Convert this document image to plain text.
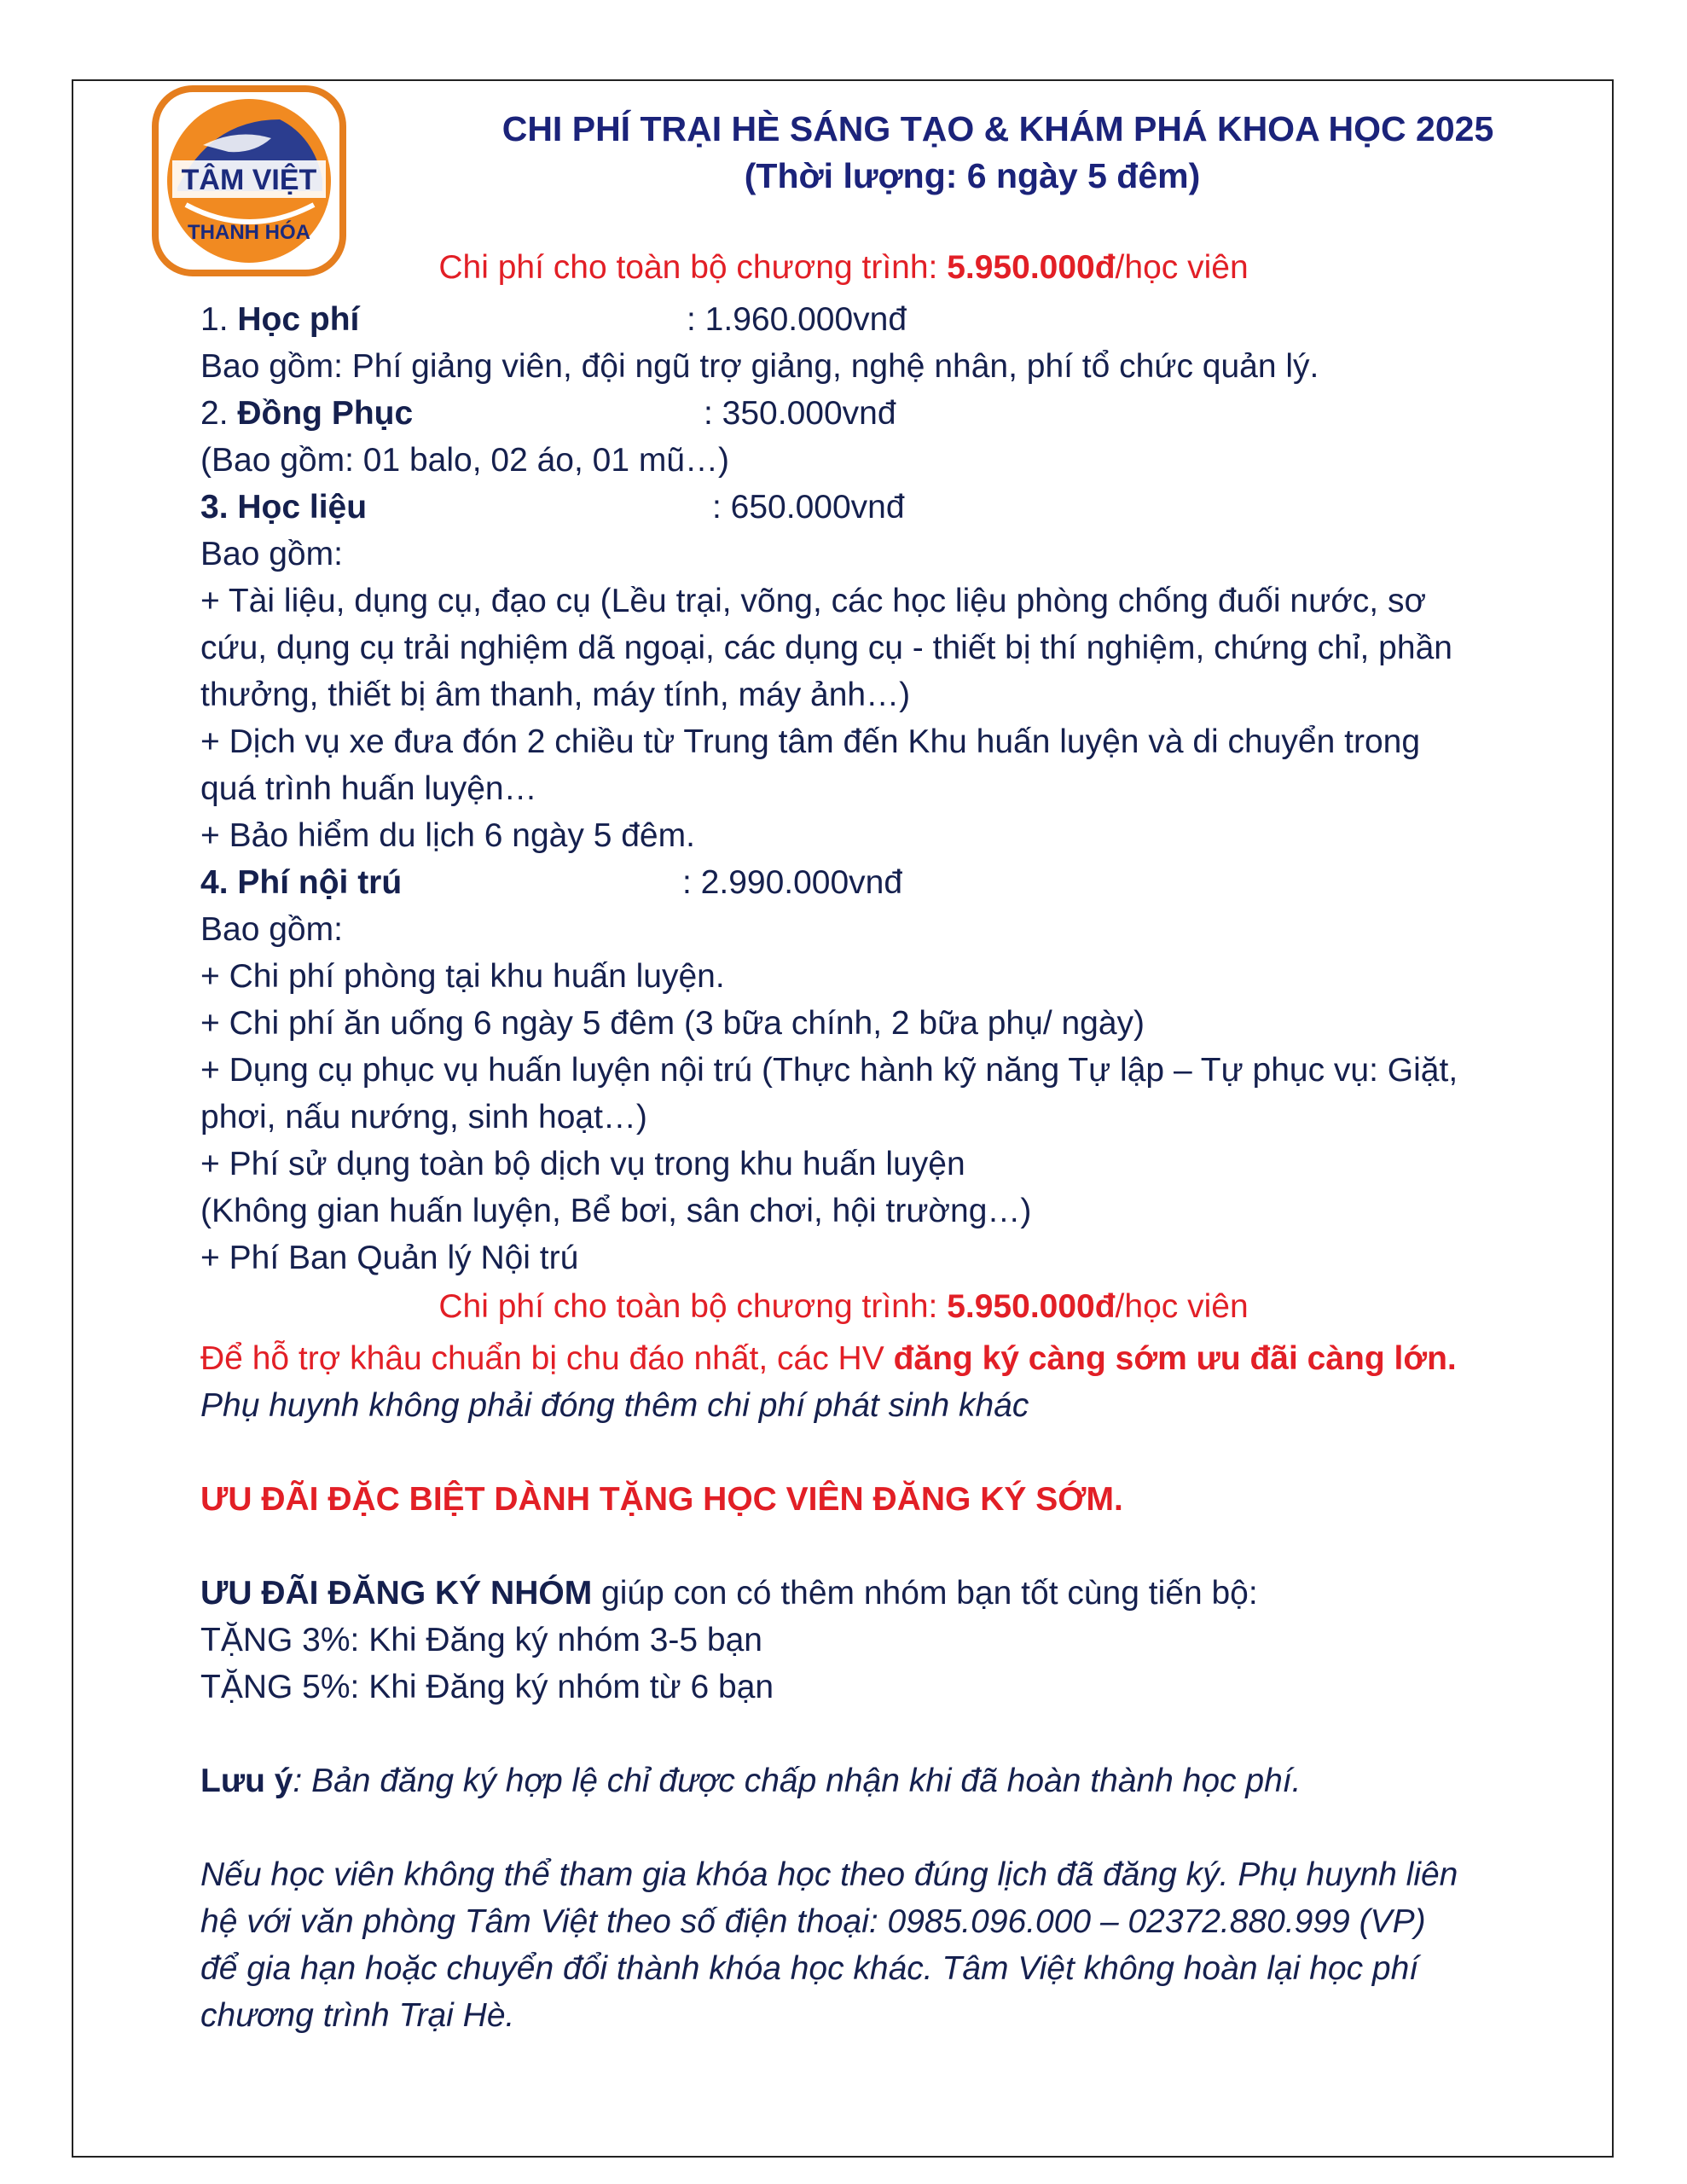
TÂM VIỆT
THANH HÓA
CHI PHÍ TRẠI HÈ SÁNG TẠO & KHÁM PHÁ KHOA HỌC 2025
(Thời lượng: 6 ngày 5 đêm)
Chi phí cho toàn bộ chương trình: 5.950.000đ/học viên
1. Học phí	: 1.960.000vnđ
Bao gồm: Phí giảng viên, đội ngũ trợ giảng, nghệ nhân, phí tổ chức quản lý.
2. Đồng Phục	: 350.000vnđ
(Bao gồm: 01 balo, 02 áo, 01 mũ…)
3. Học liệu	: 650.000vnđ
Bao gồm:
+ Tài liệu, dụng cụ, đạo cụ (Lều trại, võng, các học liệu phòng chống đuối nước, sơ
cứu, dụng cụ trải nghiệm dã ngoại, các dụng cụ - thiết bị thí nghiệm, chứng chỉ, phần
thưởng, thiết bị âm thanh, máy tính, máy ảnh…)
+ Dịch vụ xe đưa đón 2 chiều từ Trung tâm đến Khu huấn luyện và di chuyển trong
quá trình huấn luyện…
+ Bảo hiểm du lịch 6 ngày 5 đêm.
4. Phí nội trú	: 2.990.000vnđ
Bao gồm:
+ Chi phí phòng tại khu huấn luyện.
+ Chi phí ăn uống 6 ngày 5 đêm (3 bữa chính, 2 bữa phụ/ ngày)
+ Dụng cụ phục vụ huấn luyện nội trú (Thực hành kỹ năng Tự lập – Tự phục vụ: Giặt,
phơi, nấu nướng, sinh hoạt…)
+ Phí sử dụng toàn bộ dịch vụ trong khu huấn luyện
(Không gian huấn luyện, Bể bơi, sân chơi, hội trường…)
+ Phí Ban Quản lý Nội trú
Chi phí cho toàn bộ chương trình: 5.950.000đ/học viên
Để hỗ trợ khâu chuẩn bị chu đáo nhất, các HV đăng ký càng sớm ưu đãi càng lớn.
Phụ huynh không phải đóng thêm chi phí phát sinh khác
ƯU ĐÃI ĐẶC BIỆT DÀNH TẶNG HỌC VIÊN ĐĂNG KÝ SỚM.
ƯU ĐÃI ĐĂNG KÝ NHÓM giúp con có thêm nhóm bạn tốt cùng tiến bộ:
TẶNG 3%: Khi Đăng ký nhóm 3-5 bạn
TẶNG 5%: Khi Đăng ký nhóm từ 6 bạn
Lưu ý: Bản đăng ký hợp lệ chỉ được chấp nhận khi đã hoàn thành học phí.
Nếu học viên không thể tham gia khóa học theo đúng lịch đã đăng ký. Phụ huynh liên
hệ với văn phòng Tâm Việt theo số điện thoại: 0985.096.000 – 02372.880.999 (VP)
để gia hạn hoặc chuyển đổi thành khóa học khác. Tâm Việt không hoàn lại học phí
chương trình Trại Hè.
